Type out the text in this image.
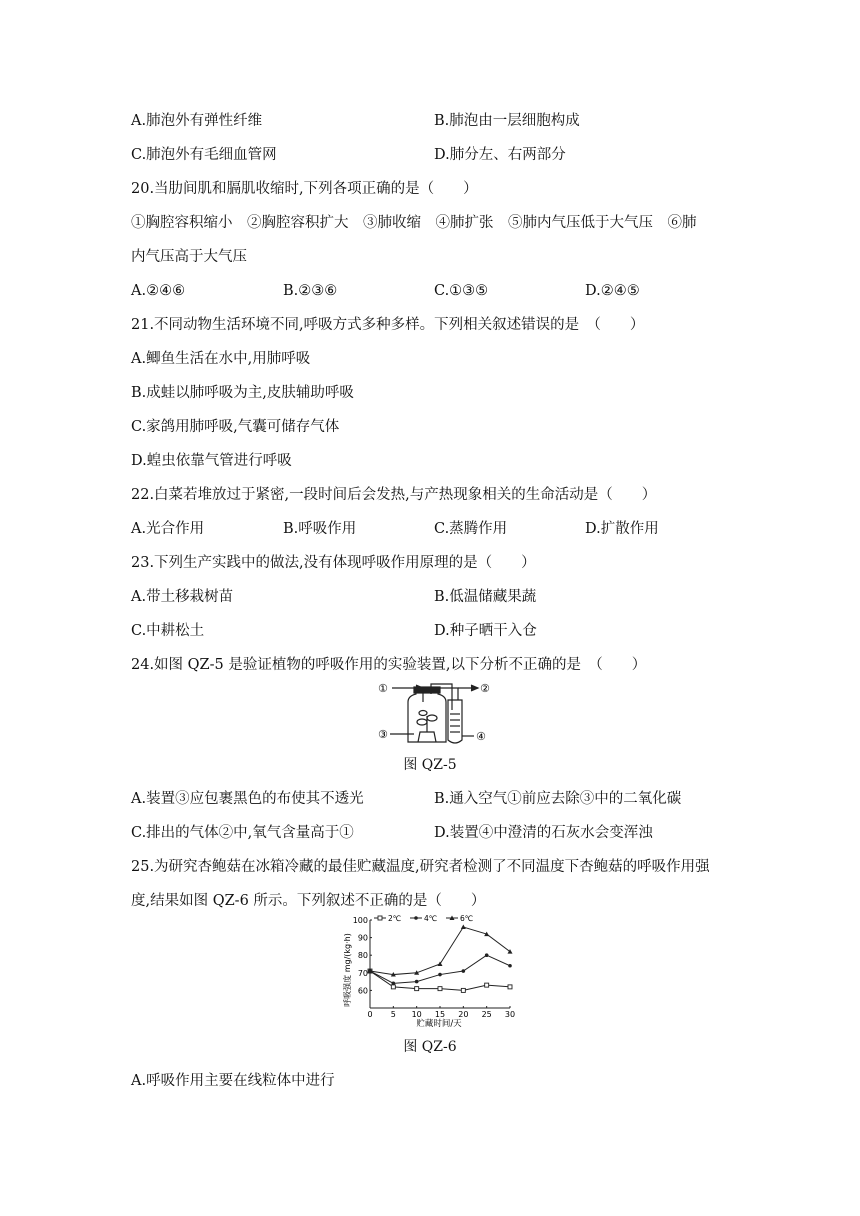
A.肺泡外有弹性纤维	B.肺泡由一层细胞构成
C.肺泡外有毛细血管网	D.肺分左、右两部分
20.当肋间肌和膈肌收缩时,下列各项正确的是（　　）
①胸腔容积缩小　②胸腔容积扩大　③肺收缩　④肺扩张　⑤肺内气压低于大气压　⑥肺
内气压高于大气压
A.②④⑥	B.②③⑥	C.①③⑤	D.②④⑤
21.不同动物生活环境不同,呼吸方式多种多样。下列相关叙述错误的是　（　　）
A.鲫鱼生活在水中,用肺呼吸
B.成蛙以肺呼吸为主,皮肤辅助呼吸
C.家鸽用肺呼吸,气囊可储存气体
D.蝗虫依靠气管进行呼吸
22.白菜若堆放过于紧密,一段时间后会发热,与产热现象相关的生命活动是（　　）
A.光合作用	B.呼吸作用	C.蒸腾作用	D.扩散作用
23.下列生产实践中的做法,没有体现呼吸作用原理的是（　　）
A.带土移栽树苗	B.低温储藏果蔬
C.中耕松土	D.种子晒干入仓
24.如图 QZ-5 是验证植物的呼吸作用的实验装置,以下分析不正确的是　（　　）
①	②
③	④
图 QZ-5
A.装置③应包裹黑色的布使其不透光	B.通入空气①前应去除③中的二氧化碳
C.排出的气体②中,氧气含量高于①	D.装置④中澄清的石灰水会变浑浊
25.为研究杏鲍菇在冰箱冷藏的最佳贮藏温度,研究者检测了不同温度下杏鲍菇的呼吸作用强
度,结果如图 QZ-6 所示。下列叙述不正确的是（　　）
0 5 10 15 20 25 30
60
70
80
90
100	2℃	4℃	6℃
呼吸强度 mg/(kg·h)
贮藏时间/天
图 QZ-6
A.呼吸作用主要在线粒体中进行
